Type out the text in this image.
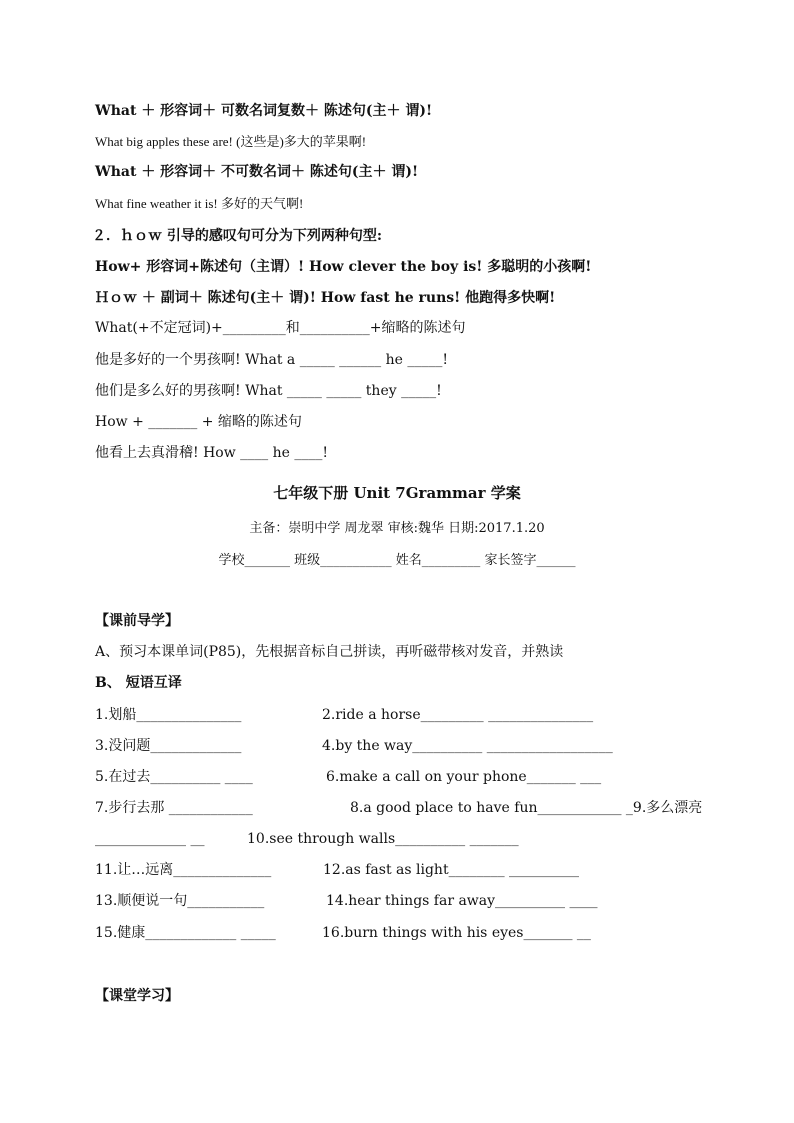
What ＋ 形容词＋ 可数名词复数＋ 陈述句(主＋ 谓)!
What big apples these are! (这些是)多大的苹果啊!
What ＋ 形容词＋ 不可数名词＋ 陈述句(主＋ 谓)!
What fine weather it is! 多好的天气啊!
２．ｈｏｗ 引导的感叹句可分为下列两种句型:
How+ 形容词+陈述句（主谓）! How clever the boy is! 多聪明的小孩啊!
Ｈｏｗ ＋ 副词＋ 陈述句(主＋ 谓)! How fast he runs! 他跑得多快啊!
What(+不定冠词)+_________和__________+缩略的陈述句
他是多好的一个男孩啊! What a _____ ______ he _____!
他们是多么好的男孩啊! What _____ _____ they _____!
How + _______ + 缩略的陈述句
他看上去真滑稽! How ____ he ____!
七年级下册 Unit 7Grammar 学案
主备：崇明中学 周龙翠 审核:魏华 日期:2017.1.20
学校_______ 班级___________ 姓名_________ 家长签字______
【课前导学】
A、预习本课单词(P85)，先根据音标自己拼读，再听磁带核对发音，并熟读
B、 短语互译
1.划船_______________	2.ride a horse_________ _______________
3.没问题_____________	4.by the way__________ __________________
5.在过去__________ ____	6.make a call on your phone_______ ___
7.步行去那 ____________	8.a good place to have fun____________ _9.多么漂亮
_____________ __	10.see through walls__________ _______
11.让…远离______________	12.as fast as light________ __________
13.顺便说一句___________	14.hear things far away__________ ____
15.健康_____________ _____	16.burn things with his eyes_______ __
【课堂学习】
